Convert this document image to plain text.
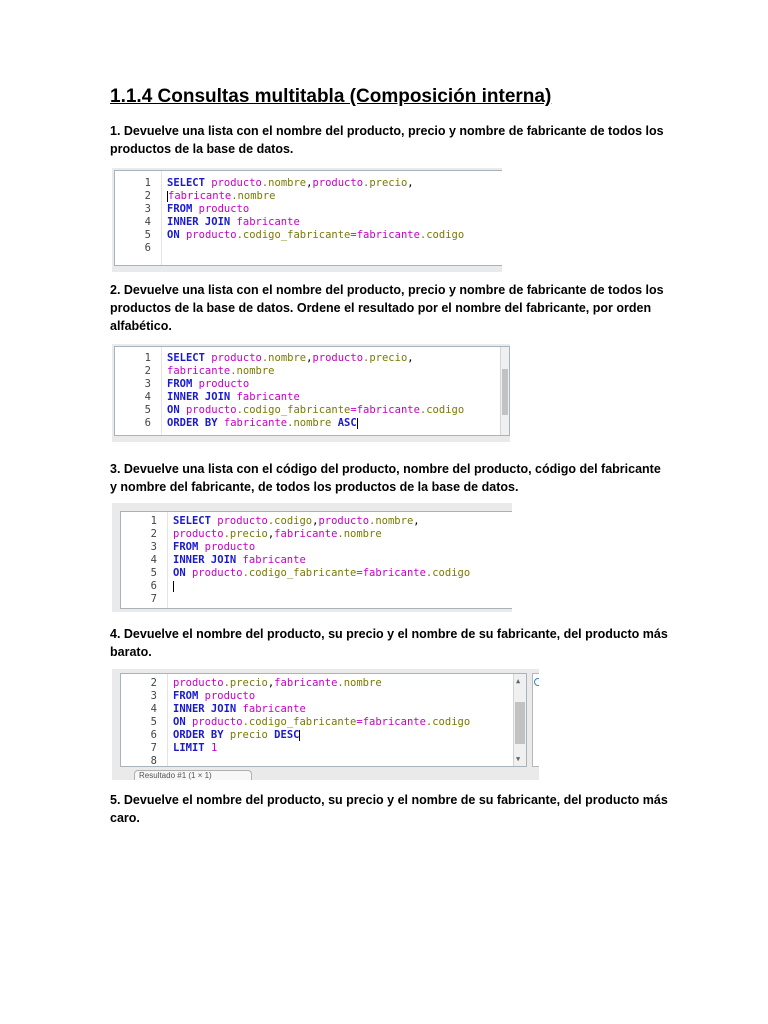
1.1.4 Consultas multitabla (Composición interna)
1. Devuelve una lista con el nombre del producto, precio y nombre de fabricante de todos los productos de la base de datos.
1 SELECT producto.nombre,producto.precio,
2 fabricante.nombre
3 FROM producto
4 INNER JOIN fabricante
5 ON producto.codigo_fabricante=fabricante.codigo
6
2. Devuelve una lista con el nombre del producto, precio y nombre de fabricante de todos los productos de la base de datos. Ordene el resultado por el nombre del fabricante, por orden alfabético.
1 SELECT producto.nombre,producto.precio,
2 fabricante.nombre
3 FROM producto
4 INNER JOIN fabricante
5 ON producto.codigo_fabricante=fabricante.codigo
6 ORDER BY fabricante.nombre ASC
3. Devuelve una lista con el código del producto, nombre del producto, código del fabricante y nombre del fabricante, de todos los productos de la base de datos.
1 SELECT producto.codigo,producto.nombre,
2 producto.precio,fabricante.nombre
3 FROM producto
4 INNER JOIN fabricante
5 ON producto.codigo_fabricante=fabricante.codigo
6
7
4. Devuelve el nombre del producto, su precio y el nombre de su fabricante, del producto más barato.
2 producto.precio,fabricante.nombre
3 FROM producto
4 INNER JOIN fabricante
5 ON producto.codigo_fabricante=fabricante.codigo
6 ORDER BY precio DESC
7 LIMIT 1
8
▲
▼
Resultado #1 (1 × 1)
5. Devuelve el nombre del producto, su precio y el nombre de su fabricante, del producto más caro.
